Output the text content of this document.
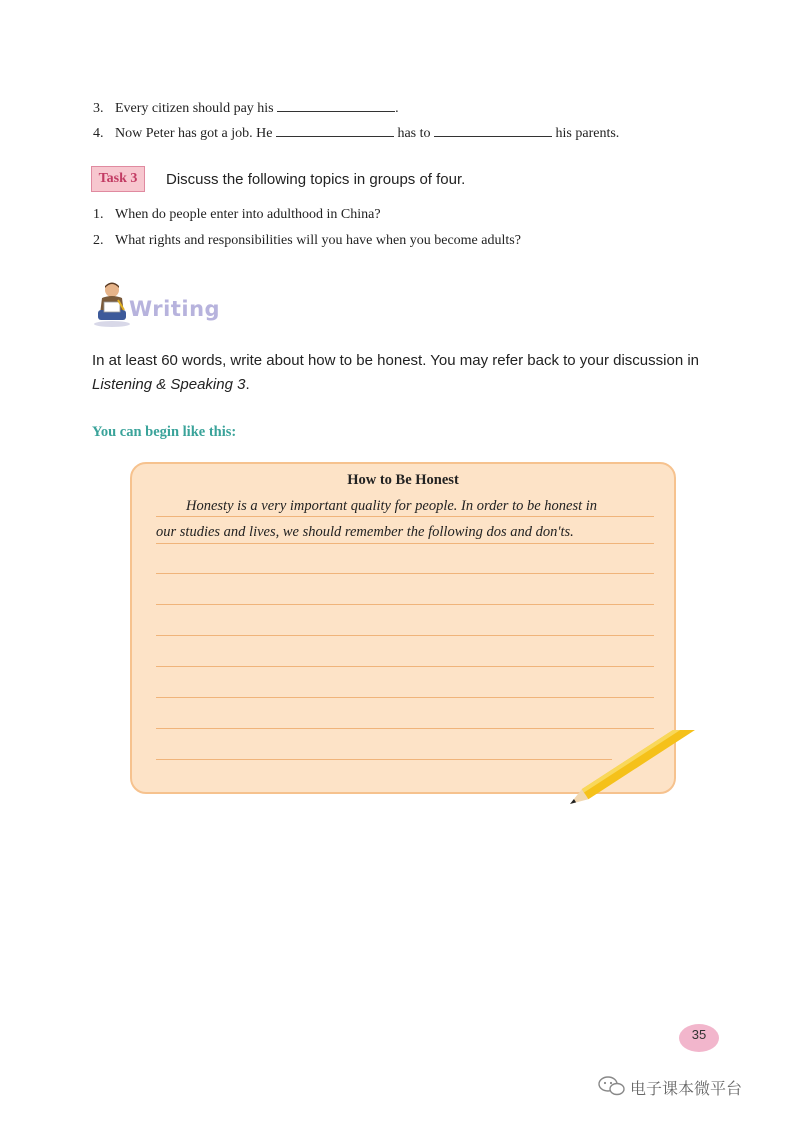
3. Every citizen should pay his	.
4. Now Peter has got a job. He	has to	his parents.
Task 3	Discuss the following topics in groups of four.
1. When do people enter into adulthood in China?
2. What rights and responsibilities will you have when you become adults?
Writing
In at least 60 words, write about how to be honest. You may refer back to your discussion in
Listening & Speaking 3.
You can begin like this:
How to Be Honest
Honesty is a very important quality for people. In order to be honest in
our studies and lives, we should remember the following dos and don'ts.
35
电子课本微平台
